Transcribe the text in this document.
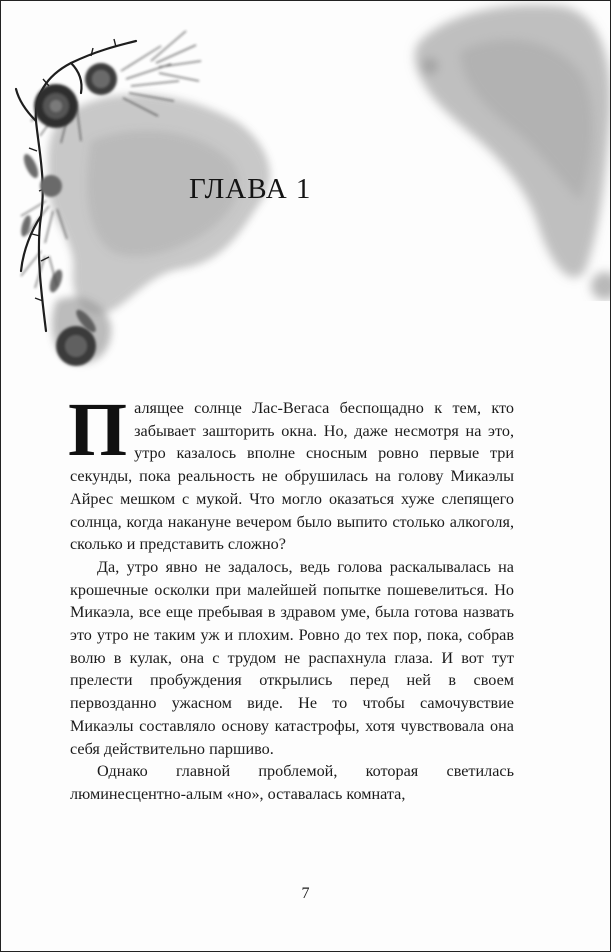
ГЛАВА 1

Палящее солнце Лас-Вегаса беспощадно к тем, кто забывает зашторить окна. Но, даже несмотря на это, утро казалось вполне сносным ровно первые три секунды, пока реальность не обрушилась на голову Микаэлы Айрес мешком с мукой. Что могло оказаться хуже слепящего солнца, когда накануне вечером было выпито столько алкоголя, сколько и представить сложно?

Да, утро явно не задалось, ведь голова раскалывалась на крошечные осколки при малейшей попытке пошевелиться. Но Микаэла, все еще пребывая в здравом уме, была готова назвать это утро не таким уж и плохим. Ровно до тех пор, пока, собрав волю в кулак, она с трудом не распахнула глаза. И вот тут прелести пробуждения открылись перед ней в своем первозданно ужасном виде. Не то чтобы самочувствие Микаэлы составляло основу катастрофы, хотя чувствовала она себя действительно паршиво.

Однако главной проблемой, которая светилась люминесцентно-алым «но», оставалась комната,

7
